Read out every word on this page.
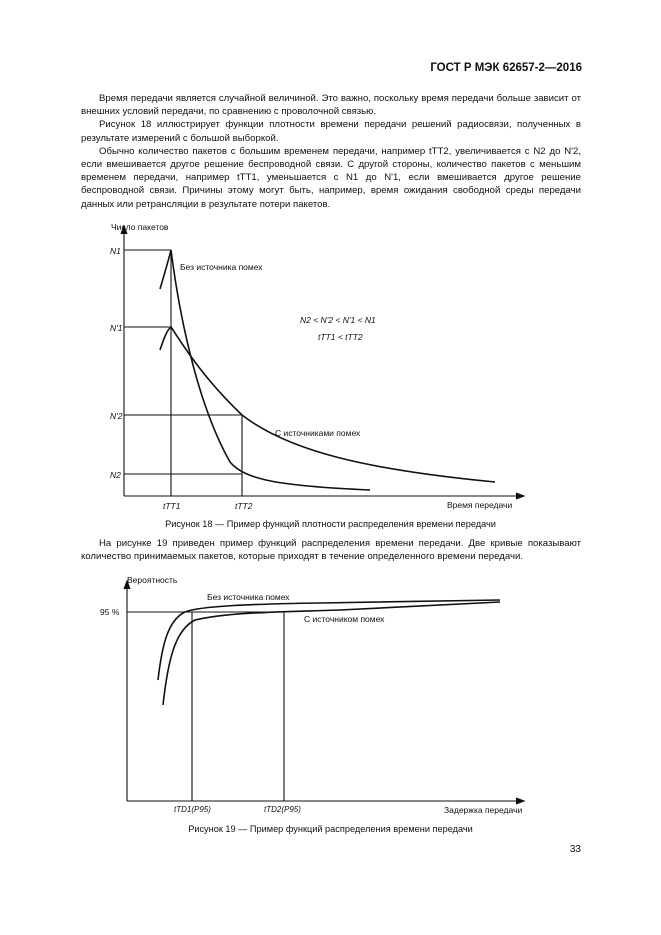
ГОСТ Р МЭК 62657-2—2016

Время передачи является случайной величиной. Это важно, поскольку время передачи больше зависит от внешних условий передачи, по сравнению с проволочной связью.

Рисунок 18 иллюстрирует функции плотности времени передачи решений радиосвязи, полученных в результате измерений с большой выборкой.

Обычно количество пакетов с большим временем передачи, например tТТ2, увеличивается с N2 до N'2, если вмешивается другое решение беспроводной связи. С другой стороны, количество пакетов с меньшим временем передачи, например tТТ1, уменьшается с N1 до N'1, если вмешивается другое решение беспроводной связи. Причины этому могут быть, например, время ожидания свободной среды передачи данных или ретрансляции в результате потери пакетов.

Число пакетов
Время передачи
N1
N'1
N'2
N2
tТТ1	tТТ2
Без источника помех
С источниками помех
N2 < N'2 < N'1 < N1
tТТ1 < tТТ2
Рисунок 18 — Пример функций плотности распределения времени передачи

На рисунке 19 приведен пример функций распределения времени передачи. Две кривые показывают количество принимаемых пакетов, которые приходят в течение определенного времени передачи.

Вероятность
Задержка передачи
95 %
tТD1(P95)	tТD2(P95)
Без источника помех
С источником помех
Рисунок 19 — Пример функций распределения времени передачи
33
